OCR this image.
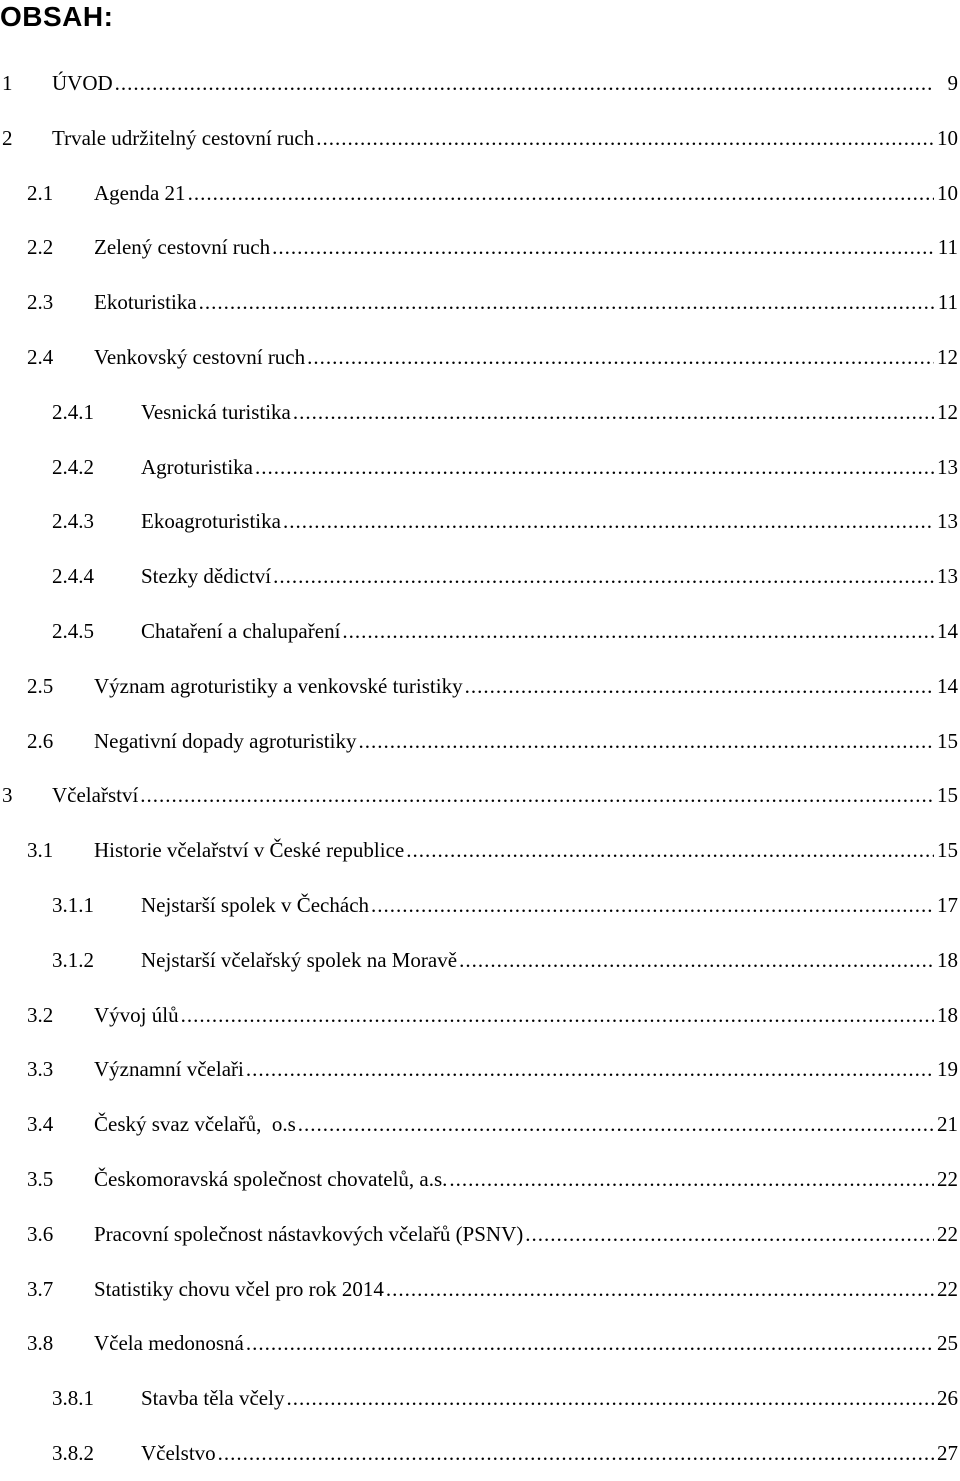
OBSAH:
1	ÚVOD .....	9
2	Trvale udržitelný cestovní ruch .....	10
2.1	Agenda 21 .....	10
2.2	Zelený cestovní ruch .....	11
2.3	Ekoturistika .....	11
2.4	Venkovský cestovní ruch .....	12
2.4.1	Vesnická turistika .....	12
2.4.2	Agroturistika .....	13
2.4.3	Ekoagroturistika .....	13
2.4.4	Stezky dědictví .....	13
2.4.5	Chataření a chalupaření .....	14
2.5	Význam agroturistiky a venkovské turistiky .....	14
2.6	Negativní dopady agroturistiky .....	15
3	Včelařství .....	15
3.1	Historie včelařství v České republice .....	15
3.1.1	Nejstarší spolek v Čechách .....	17
3.1.2	Nejstarší včelařský spolek na Moravě .....	18
3.2	Vývoj úlů .....	18
3.3	Významní včelaři .....	19
3.4	Český svaz včelařů,  o.s .....	21
3.5	Českomoravská společnost chovatelů, a.s. .....	22
3.6	Pracovní společnost nástavkových včelařů (PSNV) .....	22
3.7	Statistiky chovu včel pro rok 2014 .....	22
3.8	Včela medonosná .....	25
3.8.1	Stavba těla včely .....	26
3.8.2	Včelstvo .....	27
